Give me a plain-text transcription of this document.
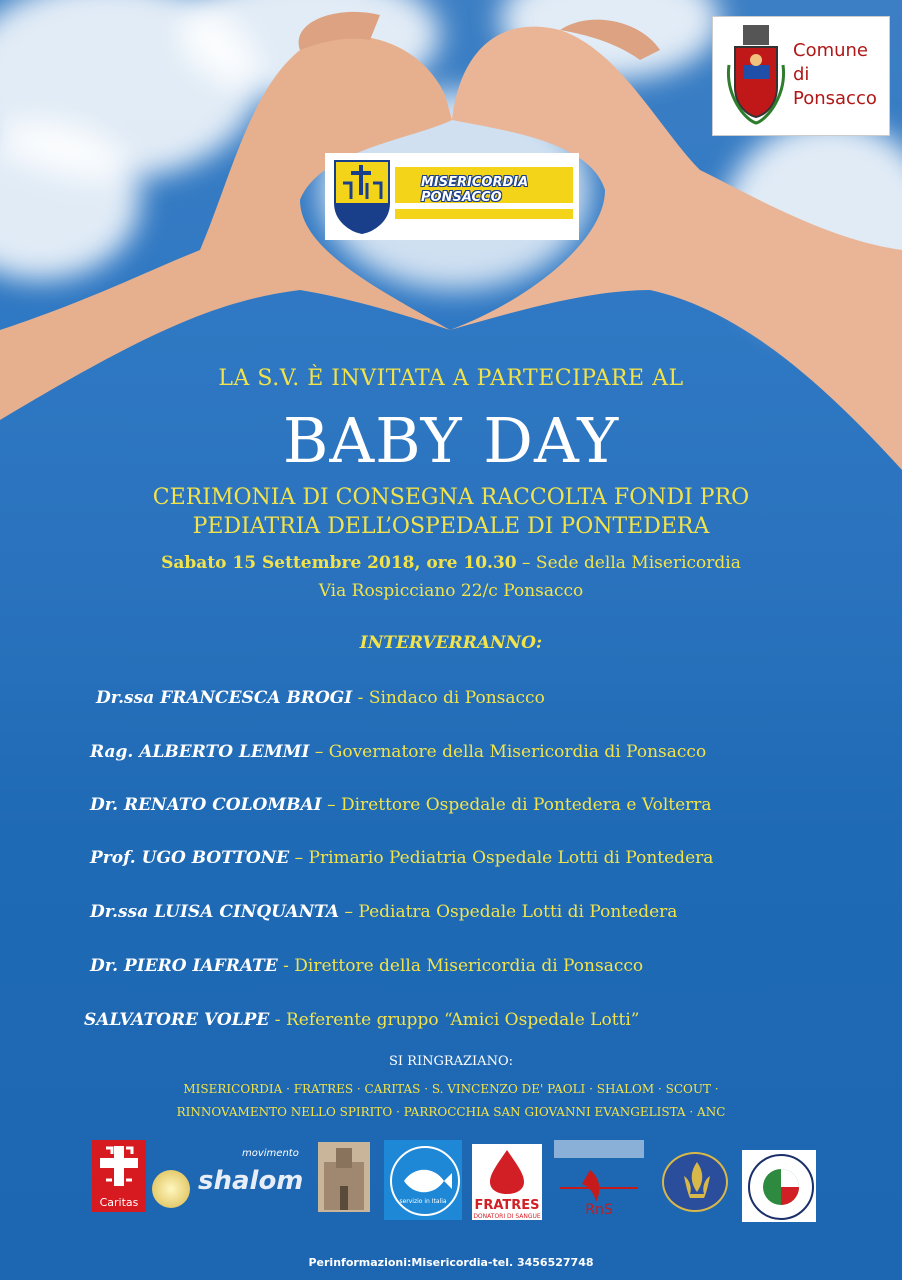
Comune di
Ponsacco
MISERICORDIA PONSACCO
LA S.V. È INVITATA A PARTECIPARE AL
BABY DAY
CERIMONIA DI CONSEGNA RACCOLTA FONDI PRO
PEDIATRIA DELL’OSPEDALE DI PONTEDERA
Sabato 15 Settembre 2018, ore 10.30 – Sede della Misericordia
Via Rospicciano 22/c Ponsacco
INTERVERRANNO:
Dr.ssa FRANCESCA BROGI - Sindaco di Ponsacco
Rag. ALBERTO LEMMI – Governatore della Misericordia di Ponsacco
Dr. RENATO COLOMBAI – Direttore Ospedale di Pontedera e Volterra
Prof. UGO BOTTONE – Primario Pediatria Ospedale Lotti di Pontedera
Dr.ssa LUISA CINQUANTA – Pediatra Ospedale Lotti di Pontedera
Dr. PIERO IAFRATE - Direttore della Misericordia di Ponsacco
SALVATORE VOLPE - Referente gruppo “Amici Ospedale Lotti”
SI RINGRAZIANO:
MISERICORDIA · FRATRES · CARITAS · S. VINCENZO DE' PAOLI · SHALOM · SCOUT ·
RINNOVAMENTO NELLO SPIRITO · PARROCCHIA SAN GIOVANNI EVANGELISTA · ANC
Caritas
movimento
shalom
servizio in Italia	FRATRES
DONATORI DI SANGUE	RnS
Perinformazioni:Misericordia-tel. 3456527748
